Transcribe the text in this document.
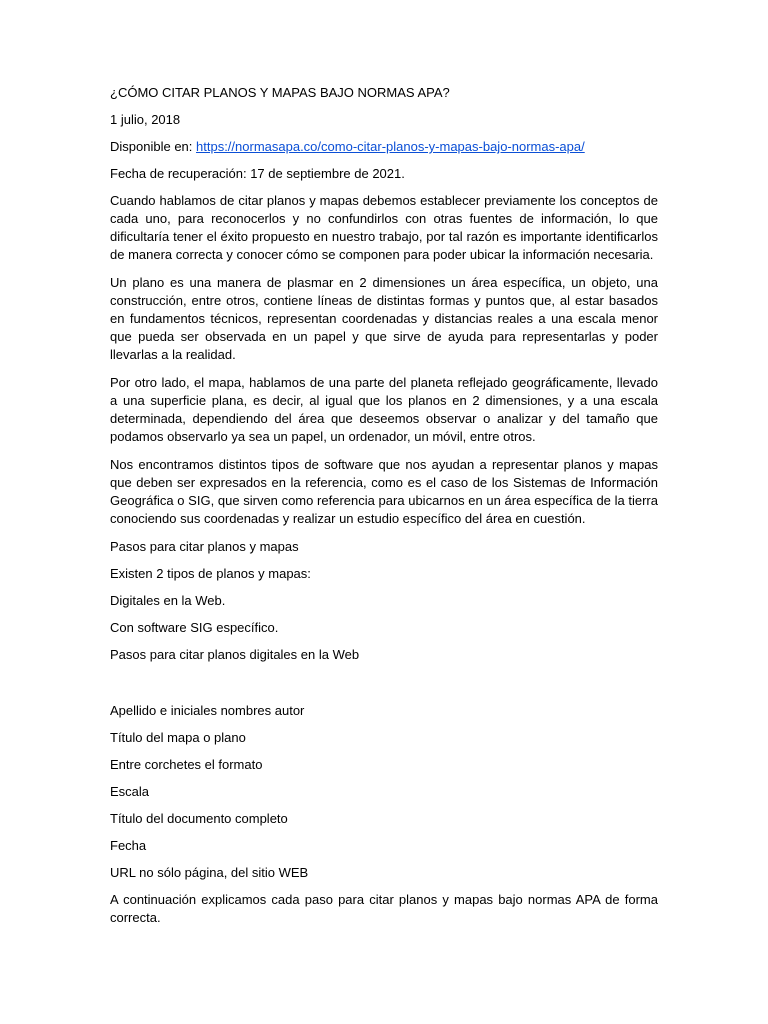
¿CÓMO CITAR PLANOS Y MAPAS BAJO NORMAS APA?
1 julio, 2018
Disponible en: https://normasapa.co/como-citar-planos-y-mapas-bajo-normas-apa/
Fecha de recuperación: 17 de septiembre de 2021.

Cuando hablamos de citar planos y mapas debemos establecer previamente los conceptos de cada uno, para reconocerlos y no confundirlos con otras fuentes de información, lo que dificultaría tener el éxito propuesto en nuestro trabajo, por tal razón es importante identificarlos de manera correcta y conocer cómo se componen para poder ubicar la información necesaria.

Un plano es una manera de plasmar en 2 dimensiones un área específica, un objeto, una construcción, entre otros, contiene líneas de distintas formas y puntos que, al estar basados en fundamentos técnicos, representan coordenadas y distancias reales a una escala menor que pueda ser observada en un papel y que sirve de ayuda para representarlas y poder llevarlas a la realidad.

Por otro lado, el mapa, hablamos de una parte del planeta reflejado geográficamente, llevado a una superficie plana, es decir, al igual que los planos en 2 dimensiones, y a una escala determinada, dependiendo del área que deseemos observar o analizar y del tamaño que podamos observarlo ya sea un papel, un ordenador, un móvil, entre otros.

Nos encontramos distintos tipos de software que nos ayudan a representar planos y mapas que deben ser expresados en la referencia, como es el caso de los Sistemas de Información Geográfica o SIG, que sirven como referencia para ubicarnos en un área específica de la tierra conociendo sus coordenadas y realizar un estudio específico del área en cuestión.

Pasos para citar planos y mapas
Existen 2 tipos de planos y mapas:
Digitales en la Web.
Con software SIG específico.
Pasos para citar planos digitales en la Web
Apellido e iniciales nombres autor
Título del mapa o plano
Entre corchetes el formato
Escala
Título del documento completo
Fecha
URL no sólo página, del sitio WEB

A continuación explicamos cada paso para citar planos y mapas bajo normas APA de forma correcta.
